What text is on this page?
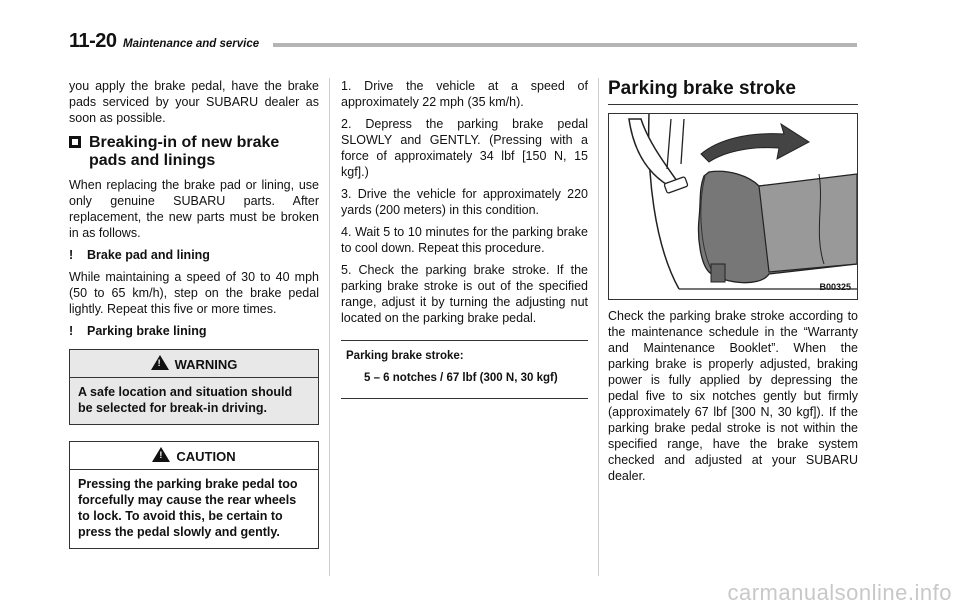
11-20 Maintenance and service

you apply the brake pedal, have the brake pads serviced by your SUBARU dealer as soon as possible.

Breaking-in of new brake pads and linings

When replacing the brake pad or lining, use only genuine SUBARU parts. After replacement, the new parts must be broken in as follows.

! Brake pad and lining

While maintaining a speed of 30 to 40 mph (50 to 65 km/h), step on the brake pedal lightly. Repeat this five or more times.

! Parking brake lining
! WARNING
A safe location and situation should be selected for break-in driving.
! CAUTION
Pressing the parking brake pedal too forcefully may cause the rear wheels to lock. To avoid this, be certain to press the pedal slowly and gently.

1. Drive the vehicle at a speed of approximately 22 mph (35 km/h).

2. Depress the parking brake pedal SLOWLY and GENTLY. (Pressing with a force of approximately 34 lbf [150 N, 15 kgf].)

3. Drive the vehicle for approximately 220 yards (200 meters) in this condition.

4. Wait 5 to 10 minutes for the parking brake to cool down. Repeat this procedure.

5. Check the parking brake stroke. If the parking brake stroke is out of the specified range, adjust it by turning the adjusting nut located on the parking brake pedal.

Parking brake stroke:
5 – 6 notches / 67 lbf (300 N, 30 kgf)
Parking brake stroke
B00325

Check the parking brake stroke according to the maintenance schedule in the “Warranty and Maintenance Booklet”. When the parking brake is properly adjusted, braking power is fully applied by depressing the pedal five to six notches gently but firmly (approximately 67 lbf [300 N, 30 kgf]). If the parking brake pedal stroke is not within the specified range, have the brake system checked and adjusted at your SUBARU dealer.

carmanualsonline.info
